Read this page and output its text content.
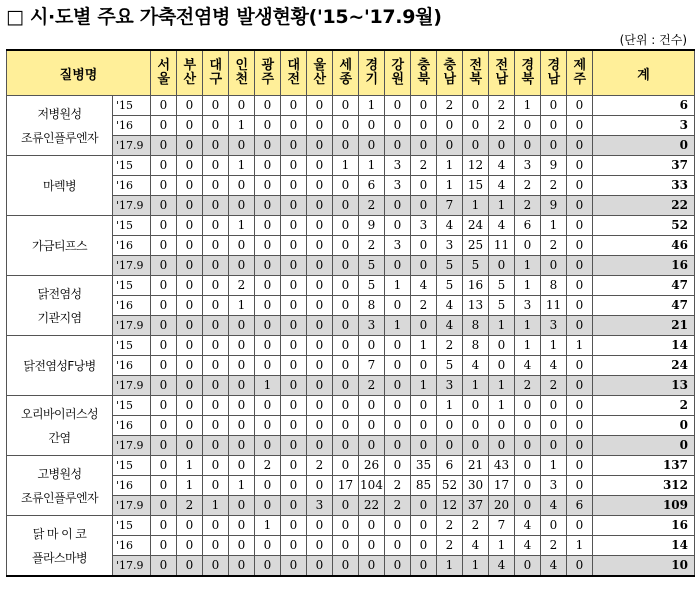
□ 시·도별 주요 가축전염병 발생현황('15~'17.9월)
(단위 : 건수)
질병명		서울	부산	대구	인천	광주	대전	울산	세종	경기	강원	충북	충남	전북	전남	경북	경남	제주	계

저병원성
조류인플루엔자	'15	0	0	0	0	0	0	0	0	1	0	0	2	0	2	1	0	0	6
	'16	0	0	0	1	0	0	0	0	0	0	0	0	0	2	0	0	0	3
	'17.9	0	0	0	0	0	0	0	0	0	0	0	0	0	0	0	0	0	0

마렉병	'15	0	0	0	1	0	0	0	1	1	3	2	1	12	4	3	9	0	37
	'16	0	0	0	0	0	0	0	0	6	3	0	1	15	4	2	2	0	33
	'17.9	0	0	0	0	0	0	0	0	2	0	0	7	1	1	2	9	0	22

가금티프스	'15	0	0	0	1	0	0	0	0	9	0	3	4	24	4	6	1	0	52
	'16	0	0	0	0	0	0	0	0	2	3	0	3	25	11	0	2	0	46
	'17.9	0	0	0	0	0	0	0	0	5	0	0	5	5	0	1	0	0	16

닭전염성
기관지염	'15	0	0	0	2	0	0	0	0	5	1	4	5	16	5	1	8	0	47
	'16	0	0	0	1	0	0	0	0	8	0	2	4	13	5	3	11	0	47
	'17.9	0	0	0	0	0	0	0	0	3	1	0	4	8	1	1	3	0	21

닭전염성F낭병	'15	0	0	0	0	0	0	0	0	0	0	1	2	8	0	1	1	1	14
	'16	0	0	0	0	0	0	0	0	7	0	0	5	4	0	4	4	0	24
	'17.9	0	0	0	0	1	0	0	0	2	0	1	3	1	1	2	2	0	13

오리바이러스성
간염	'15	0	0	0	0	0	0	0	0	0	0	0	1	0	1	0	0	0	2
	'16	0	0	0	0	0	0	0	0	0	0	0	0	0	0	0	0	0	0
	'17.9	0	0	0	0	0	0	0	0	0	0	0	0	0	0	0	0	0	0

고병원성
조류인플루엔자	'15	0	1	0	0	2	0	2	0	26	0	35	6	21	43	0	1	0	137
	'16	0	1	0	1	0	0	0	17	104	2	85	52	30	17	0	3	0	312
	'17.9	0	2	1	0	0	0	3	0	22	2	0	12	37	20	0	4	6	109

닭 마 이 코
플라스마병	'15	0	0	0	0	1	0	0	0	0	0	0	2	2	7	4	0	0	16
	'16	0	0	0	0	0	0	0	0	0	0	0	2	4	1	4	2	1	14
	'17.9	0	0	0	0	0	0	0	0	0	0	0	1	1	4	0	4	0	10
